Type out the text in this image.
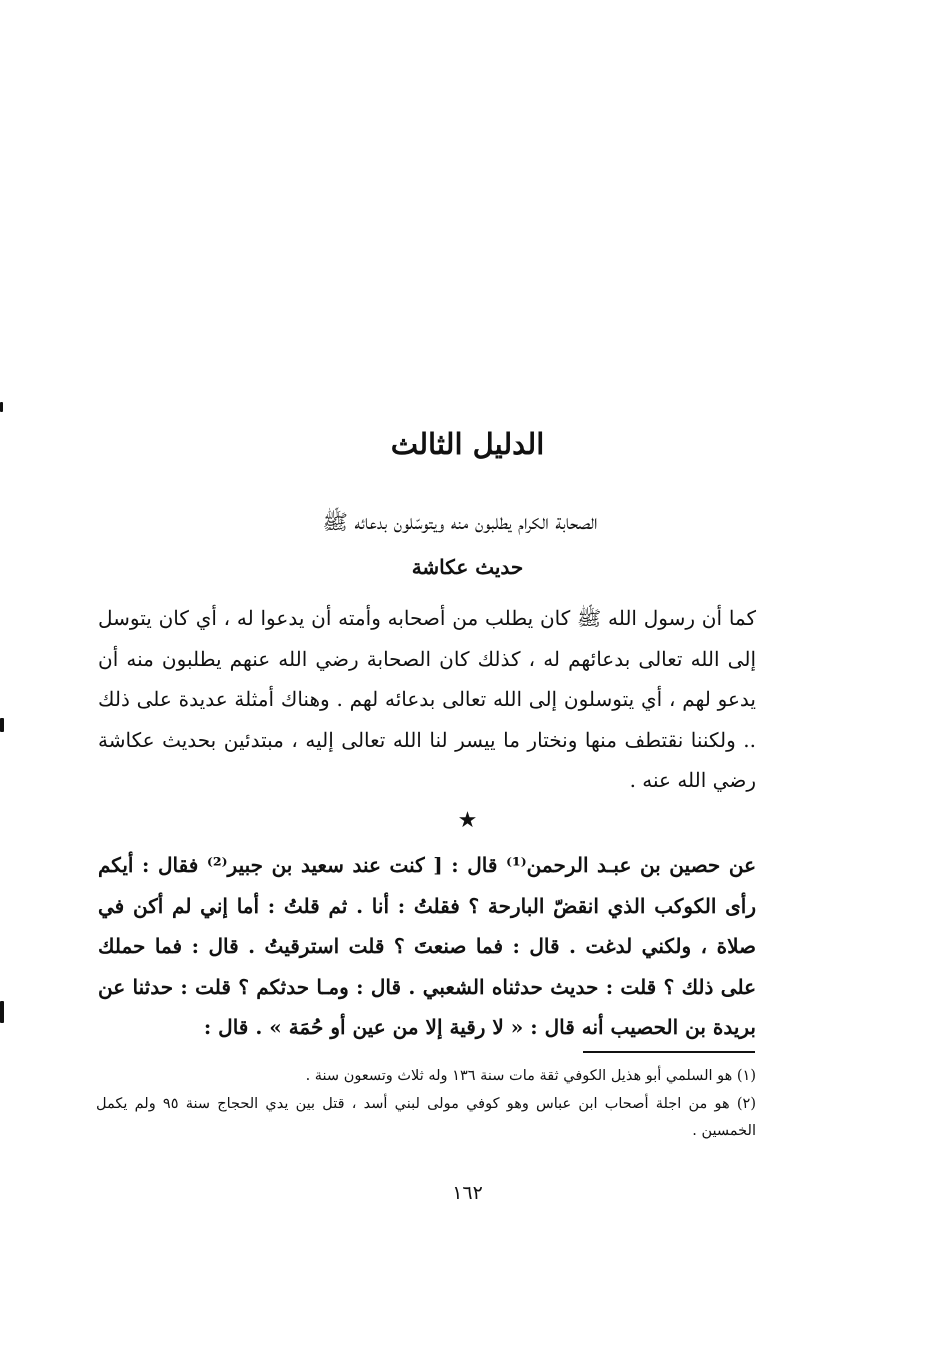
الدليل الثالث
الصحابة الكرام يطلبون منه ويتوسّلون بدعائه ﷺ
حديث عكاشة

كما أن رسول الله ﷺ كان يطلب من أصحابه وأمته أن يدعوا له ، أي كان يتوسل إلى الله تعالى بدعائهم له ، كذلك كان الصحابة رضي الله عنهم يطلبون منه أن يدعو لهم ، أي يتوسلون إلى الله تعالى بدعائه لهم . وهناك أمثلة عديدة على ذلك .. ولكننا نقتطف منها ونختار ما ييسر لنا الله تعالى إليه ، مبتدئين بحديث عكاشة رضي الله عنه .

★

عن حصين بن عبـد الرحمن⁽¹⁾ قال : [ كنت عند سعيد بن جبير⁽²⁾ فقال : أيكم رأى الكوكب الذي انقضّ البارحة ؟ فقلتُ : أنا . ثم قلتُ : أما إني لم أكن في صلاة ، ولكني لدغت . قال : فما صنعتَ ؟ قلت استرقيتُ . قال : فما حملك على ذلك ؟ قلت : حديث حدثناه الشعبي . قال : ومـا حدثكم ؟ قلت : حدثنا عن بريدة بن الحصيب أنه قال : « لا رقية إلا من عين أو حُمَة » . قال :

(١) هو السلمي أبو هذيل الكوفي ثقة مات سنة ١٣٦ وله ثلاث وتسعون سنة .

(٢) هو من اجلة أصحاب ابن عباس وهو كوفي مولى لبني أسد ، قتل بين يدي الحجاج سنة ٩٥ ولم يكمل الخمسين .

١٦٢
